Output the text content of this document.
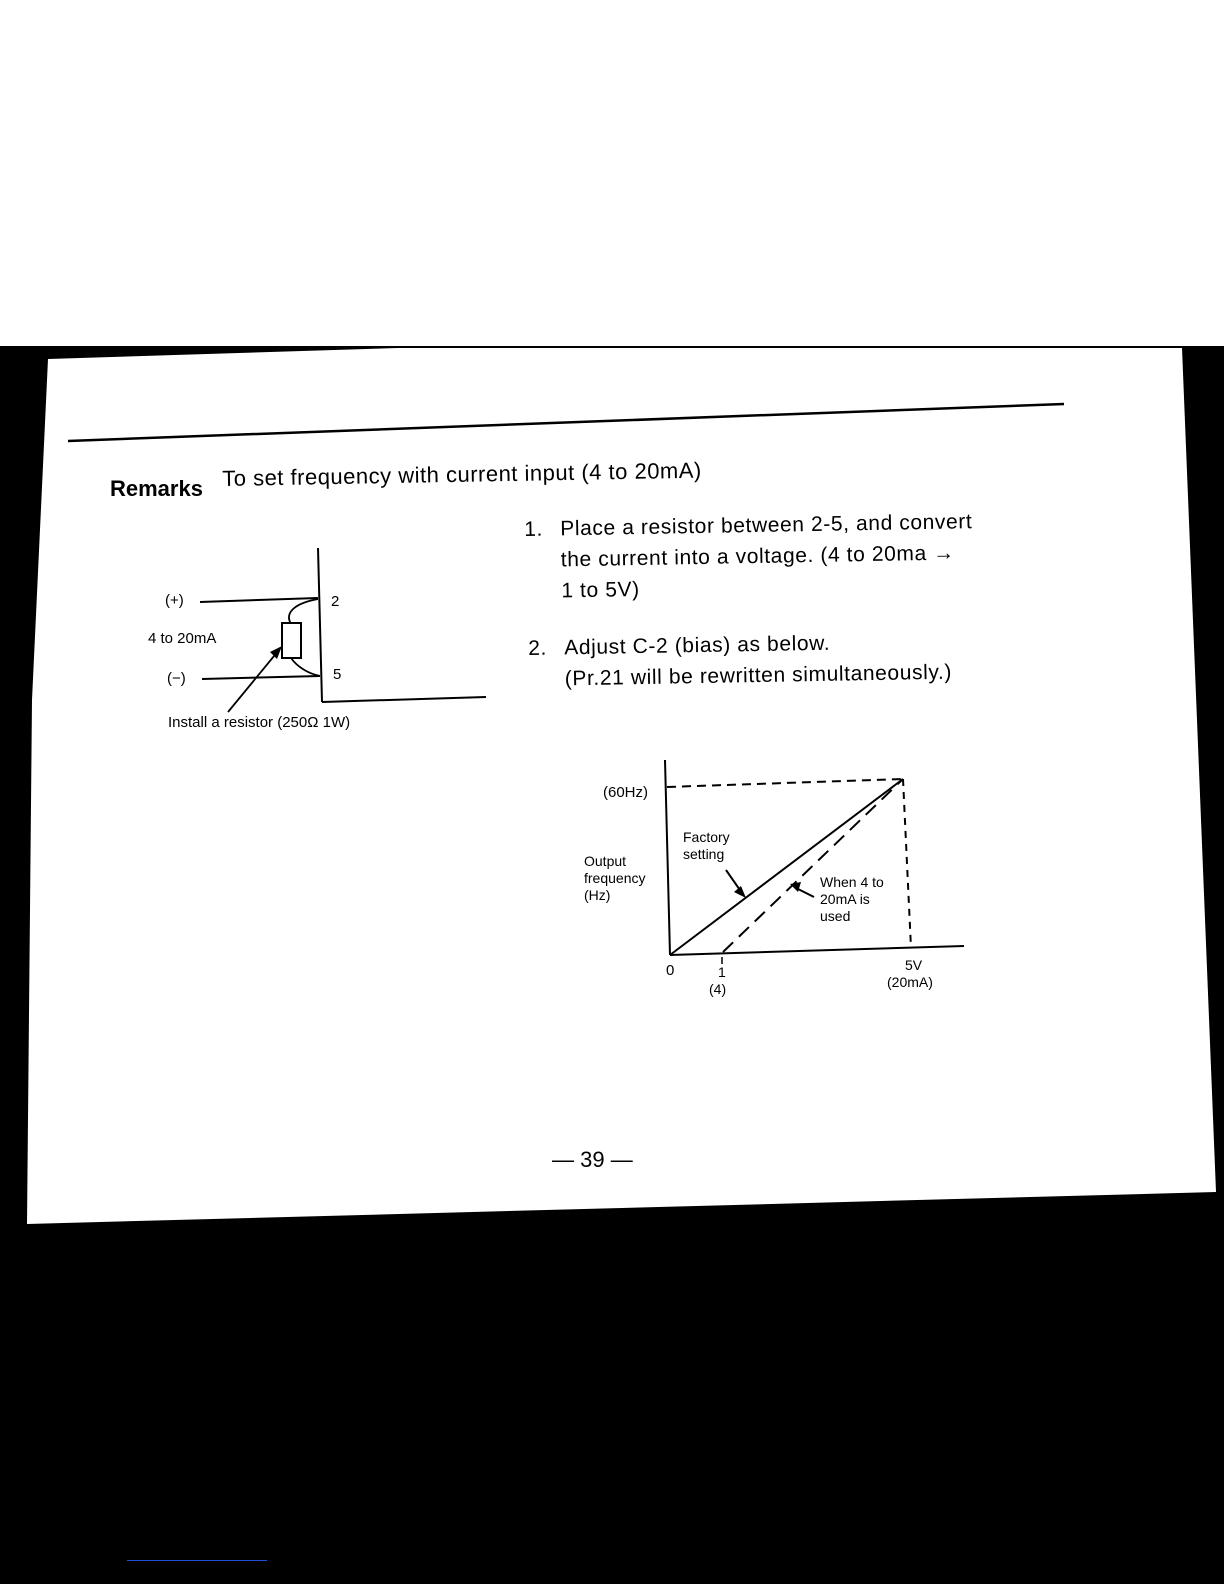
Remarks To set frequency with current input (4 to 20mA)
(+)
4 to 20mA
(−)
2
5
Install a resistor (250Ω 1W)
1. Place a resistor between 2-5, and convert
the current into a voltage. (4 to 20ma →
1 to 5V)
2. Adjust C-2 (bias) as below.
(Pr.21 will be rewritten simultaneously.)
(60Hz)
Output
frequency
(Hz)
Factory
setting
When 4 to
20mA is
used
0	1
(4)
5V
(20mA)
— 39 —
